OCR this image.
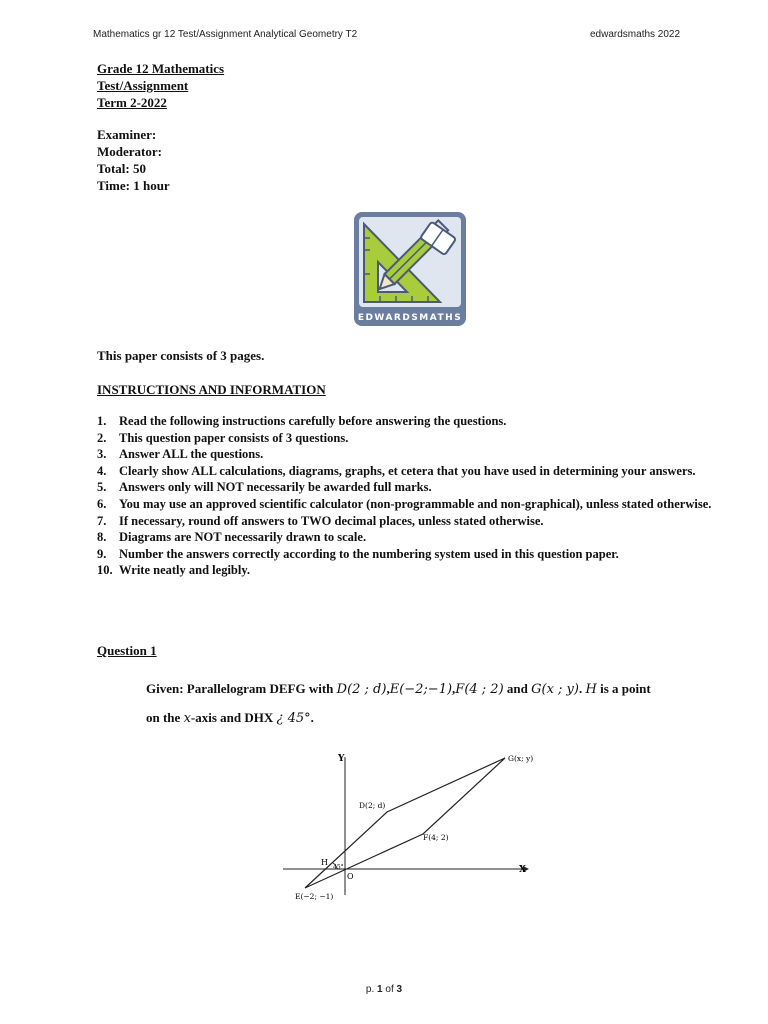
Mathematics gr 12 Test/Assignment Analytical Geometry T2	edwardsmaths 2022
Grade 12 Mathematics
Test/Assignment
Term 2-2022
Examiner:
Moderator:
Total: 50
Time: 1 hour
EDWARDSMATHS
This paper consists of 3 pages.
INSTRUCTIONS AND INFORMATION
1. Read the following instructions carefully before answering the questions.
2. This question paper consists of 3 questions.
3. Answer ALL the questions.
4. Clearly show ALL calculations, diagrams, graphs, et cetera that you have used in determining your answers.
5. Answers only will NOT necessarily be awarded full marks.
6. You may use an approved scientific calculator (non-programmable and non-graphical), unless stated otherwise.
7. If necessary, round off answers to TWO decimal places, unless stated otherwise.
8. Diagrams are NOT necessarily drawn to scale.
9. Number the answers correctly according to the numbering system used in this question paper.
10. Write neatly and legibly.
Question 1
Given: Parallelogram DEFG with D(2 ; d),E(−2;−1),F(4 ; 2) and G(x ; y). H is a point
on the x-axis and DHX ¿ 45°.
Y
X
O
H
45°
D(2; d)
E(−2; −1)
F(4; 2)
G(x; y)
p. 1 of 3
